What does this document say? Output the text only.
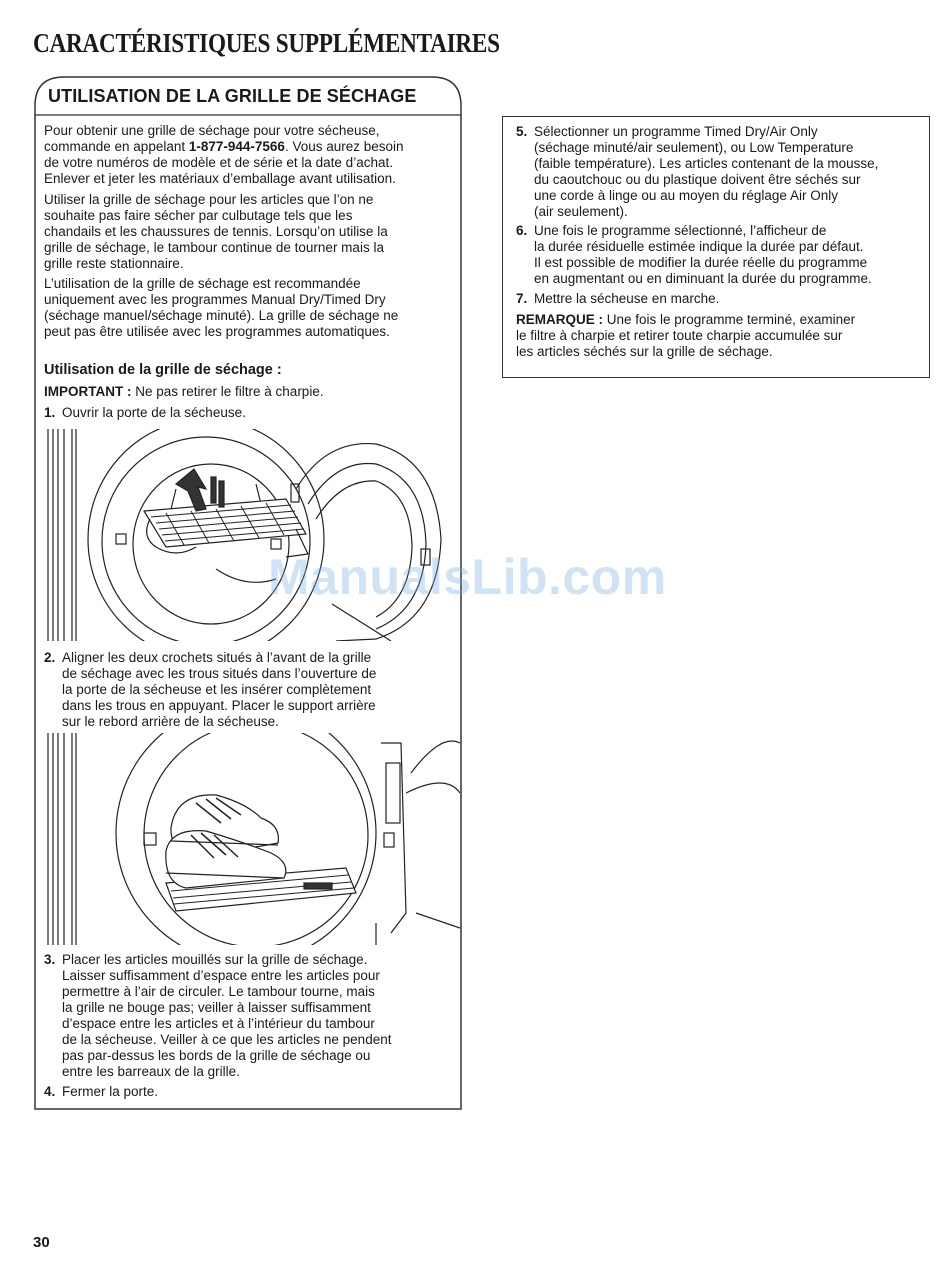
CARACTÉRISTIQUES SUPPLÉMENTAIRES
UTILISATION DE LA GRILLE DE SÉCHAGE

Pour obtenir une grille de séchage pour votre sécheuse,

commande en appelant 1-877-944-7566. Vous aurez besoin

de votre numéros de modèle et de série et la date d’achat.

Enlever et jeter les matériaux d’emballage avant utilisation.

Utiliser la grille de séchage pour les articles que l’on ne

souhaite pas faire sécher par culbutage tels que les

chandails et les chaussures de tennis. Lorsqu’on utilise la

grille de séchage, le tambour continue de tourner mais la

grille reste stationnaire.

L’utilisation de la grille de séchage est recommandée

uniquement avec les programmes Manual Dry/Timed Dry

(séchage manuel/séchage minuté). La grille de séchage ne

peut pas être utilisée avec les programmes automatiques.

Utilisation de la grille de séchage :

IMPORTANT : Ne pas retirer le filtre à charpie.

1. Ouvrir la porte de la sécheuse.
2. Aligner les deux crochets situés à l’avant de la grille
de séchage avec les trous situés dans l’ouverture de
la porte de la sécheuse et les insérer complètement
dans les trous en appuyant. Placer le support arrière
sur le rebord arrière de la sécheuse.
3. Placer les articles mouillés sur la grille de séchage.
Laisser suffisamment d’espace entre les articles pour
permettre à l’air de circuler. Le tambour tourne, mais
la grille ne bouge pas; veiller à laisser suffisamment
d’espace entre les articles et à l’intérieur du tambour
de la sécheuse. Veiller à ce que les articles ne pendent
pas par-dessus les bords de la grille de séchage ou
entre les barreaux de la grille.
4. Fermer la porte.
5. Sélectionner un programme Timed Dry/Air Only
(séchage minuté/air seulement), ou Low Temperature
(faible température). Les articles contenant de la mousse,
du caoutchouc ou du plastique doivent être séchés sur
une corde à linge ou au moyen du réglage Air Only
(air seulement).
6. Une fois le programme sélectionné, l’afficheur de
la durée résiduelle estimée indique la durée par défaut.
Il est possible de modifier la durée réelle du programme
en augmentant ou en diminuant la durée du programme.
7. Mettre la sécheuse en marche.

REMARQUE : Une fois le programme terminé, examiner

le filtre à charpie et retirer toute charpie accumulée sur

les articles séchés sur la grille de séchage.

ManualsLib.com
30
